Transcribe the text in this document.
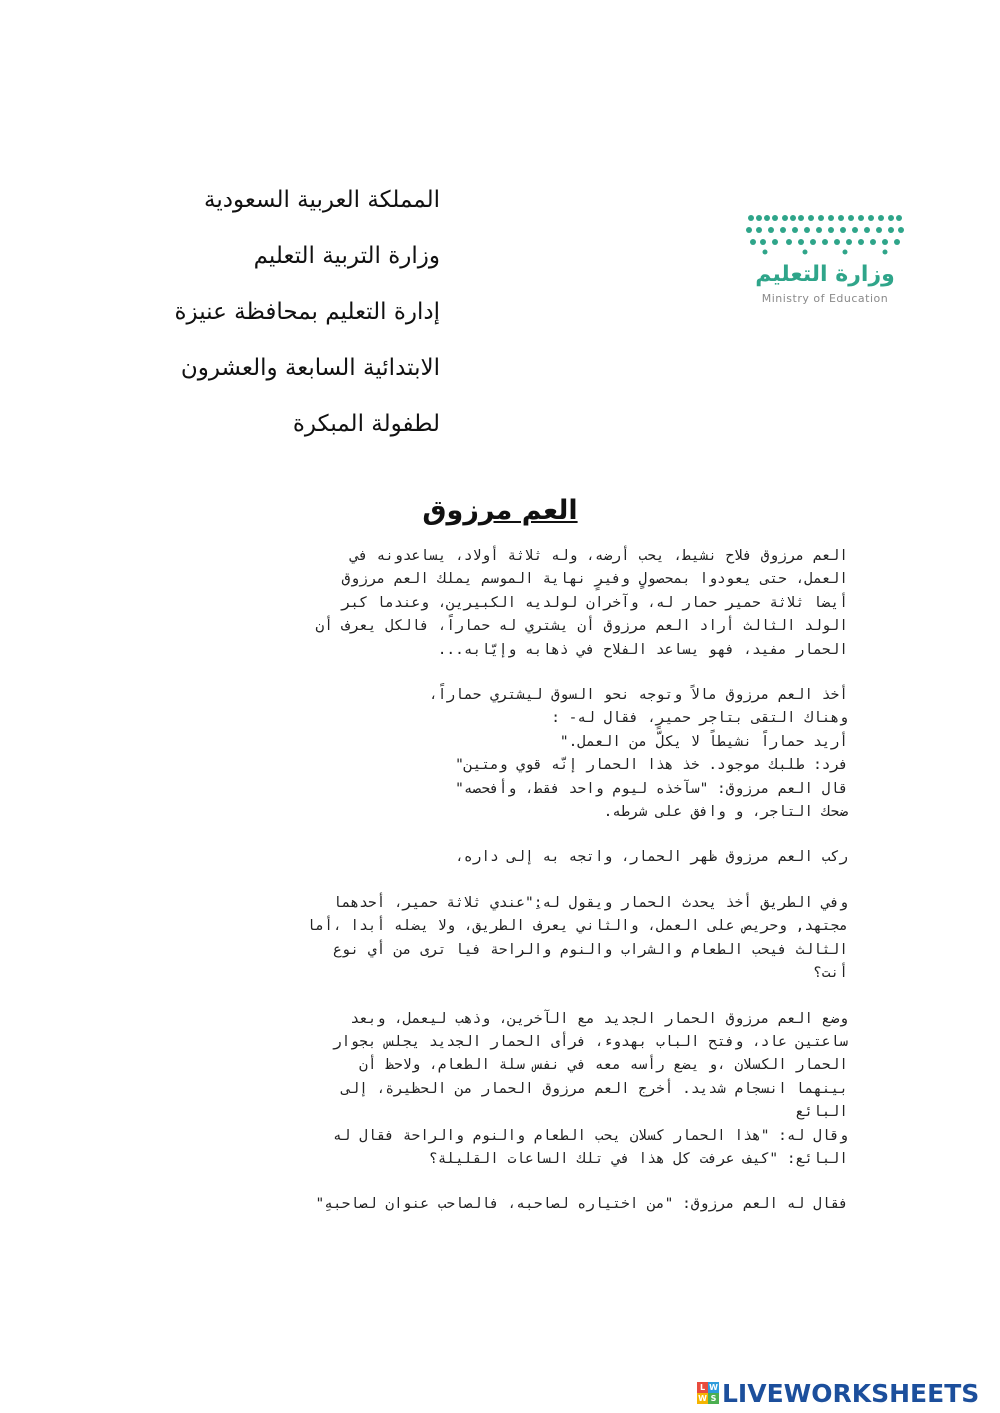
المملكة العربية السعودية
وزارة التربية التعليم
إدارة التعليم بمحافظة عنيزة
الابتدائية السابعة والعشرون
لطفولة المبكرة
وزارة التعليم
Ministry of Education
العم مرزوق
العم مرزوق فلاح نشيط، يحب أرضه، وله ثلاثة أولاد، يساعدونه في
العمل، حتى يعودوا بمحصولٍ وفيرٍ نهاية الموسم يملك العم مرزوق
أيضا ثلاثة حمير حمار له، وآخران لولديه الكبيرين، وعندما كبر
الولد الثالث أراد العم مرزوق أن يشتري له حماراً، فالكل يعرف أن
الحمار مفيد، فهو يساعد الفلاح في ذهابه وإيّابه...
أخذ العم مرزوق مالاً وتوجه نحو السوق ليشتري حماراً،
وهناك التقى بتاجر حميرٍ، فقال له- :
أريد حماراً نشيطاً لا يكلّ من العمل."
فرد: طلبك موجود. خذ هذا الحمار إنّه قوي ومتين"
قال العم مرزوق: "سآخذه ليوم واحد فقط، وأفحصه"
ضحك التاجر، و وافق على شرطه.
ركب العم مرزوق ظهر الحمار، واتجه به إلى داره،
وفي الطريق أخذ يحدث الحمار ويقول له:ِ"عندي ثلاثة حمير، أحدهما
مجتهد, وحريص على العمل، والثاني يعرف الطريق، ولا يضله أبدا ،أما
الثالث فيحب الطعام والشراب والنوم والراحة فيا ترى من أي نوع
أنت؟
وضع العم مرزوق الحمار الجديد مع الآخرين، وذهب ليعمل، وبعد
ساعتين عاد، وفتح الباب بهدوء، فرأى الحمار الجديد يجلس بجوار
الحمار الكسلان ،و يضع رأسه معه في نفس سلة الطعام، ولاحظ أن
بينهما انسجام شديد. أخرج العم مرزوق الحمار من الحظيرة، إلى
البائع
وقال له: "هذا الحمار كسلان يحب الطعام والنوم والراحة فقال له
البائع: "كيف عرفت كل هذا في تلك الساعات القليلة؟
فقال له العم مرزوق: "من اختياره لصاحبه، فالصاحب عنوان لصاحبهِ"
L W
W S LIVEWORKSHEETS
